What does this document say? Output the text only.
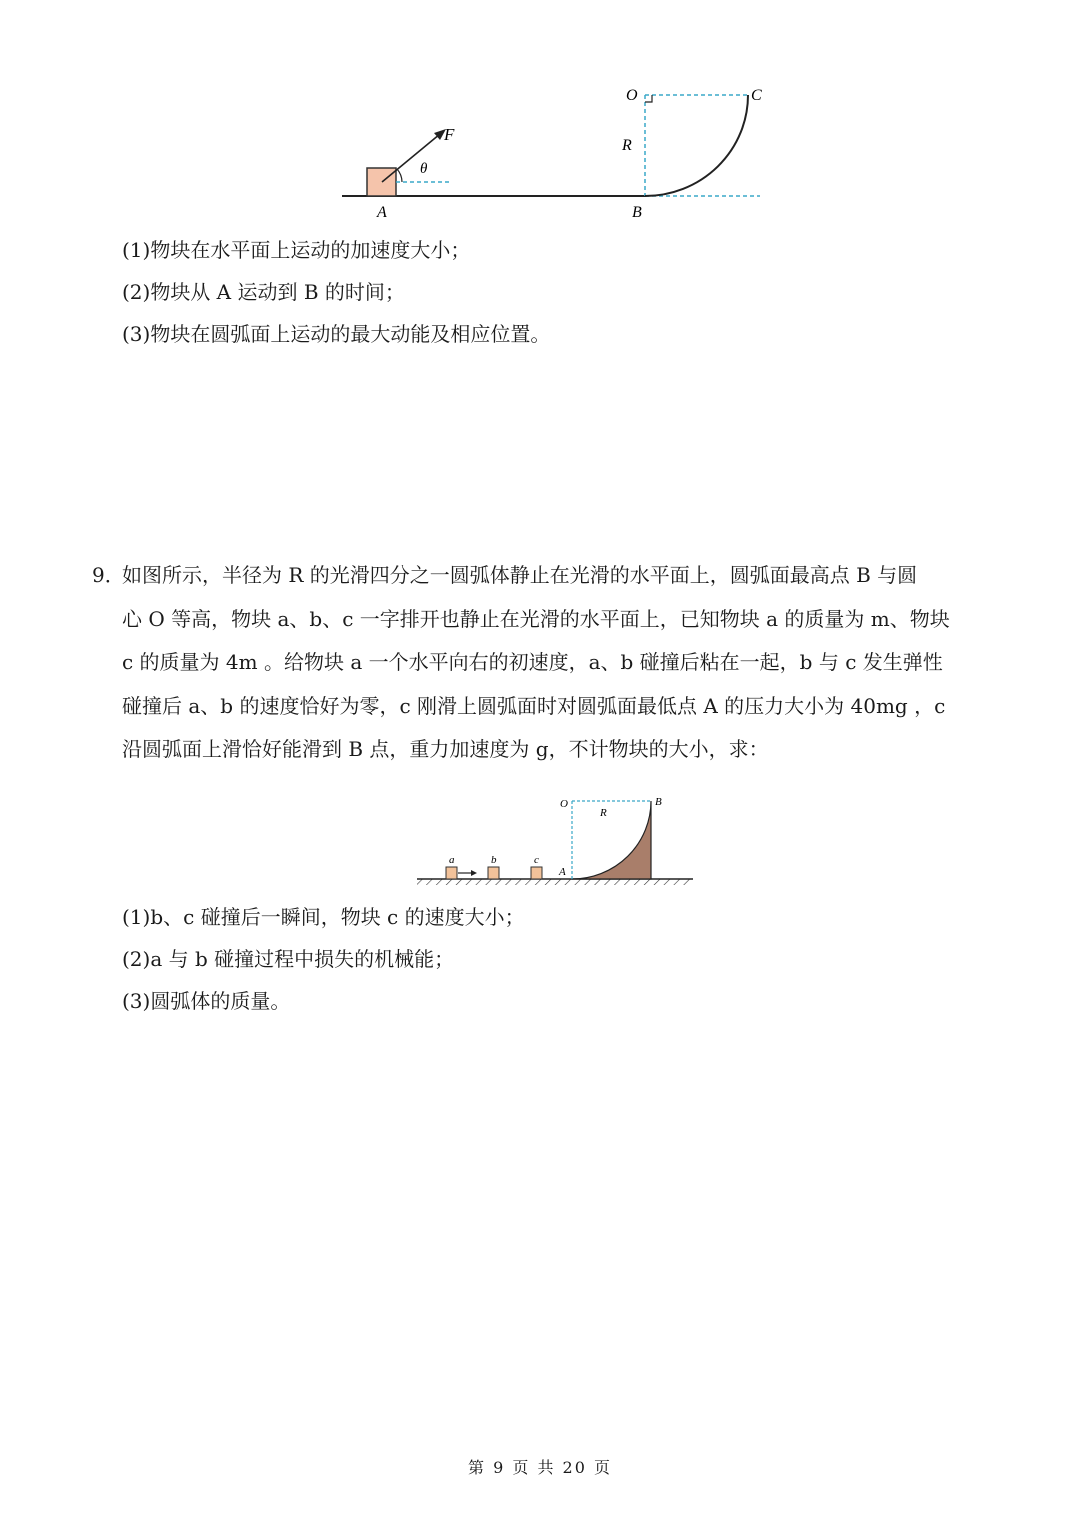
F
θ
A	B
O	C
R
(1)物块在水平面上运动的加速度大小；
(2)物块从 A 运动到 B 的时间；
(3)物块在圆弧面上运动的最大动能及相应位置。
9．
如图所示，半径为 R 的光滑四分之一圆弧体静止在光滑的水平面上，圆弧面最高点 B 与圆
心 O 等高，物块 a、b、c 一字排开也静止在光滑的水平面上，已知物块 a 的质量为 m、物块
c 的质量为 4m 。给物块 a 一个水平向右的初速度，a、b 碰撞后粘在一起，b 与 c 发生弹性
碰撞后 a、b 的速度恰好为零，c 刚滑上圆弧面时对圆弧面最低点 A 的压力大小为 40mg ，c
沿圆弧面上滑恰好能滑到 B 点，重力加速度为 g，不计物块的大小，求：
a	b	c
A
O	B
R
(1)b、c 碰撞后一瞬间，物块 c 的速度大小；
(2)a 与 b 碰撞过程中损失的机械能；
(3)圆弧体的质量。
第 9 页 共 20 页
